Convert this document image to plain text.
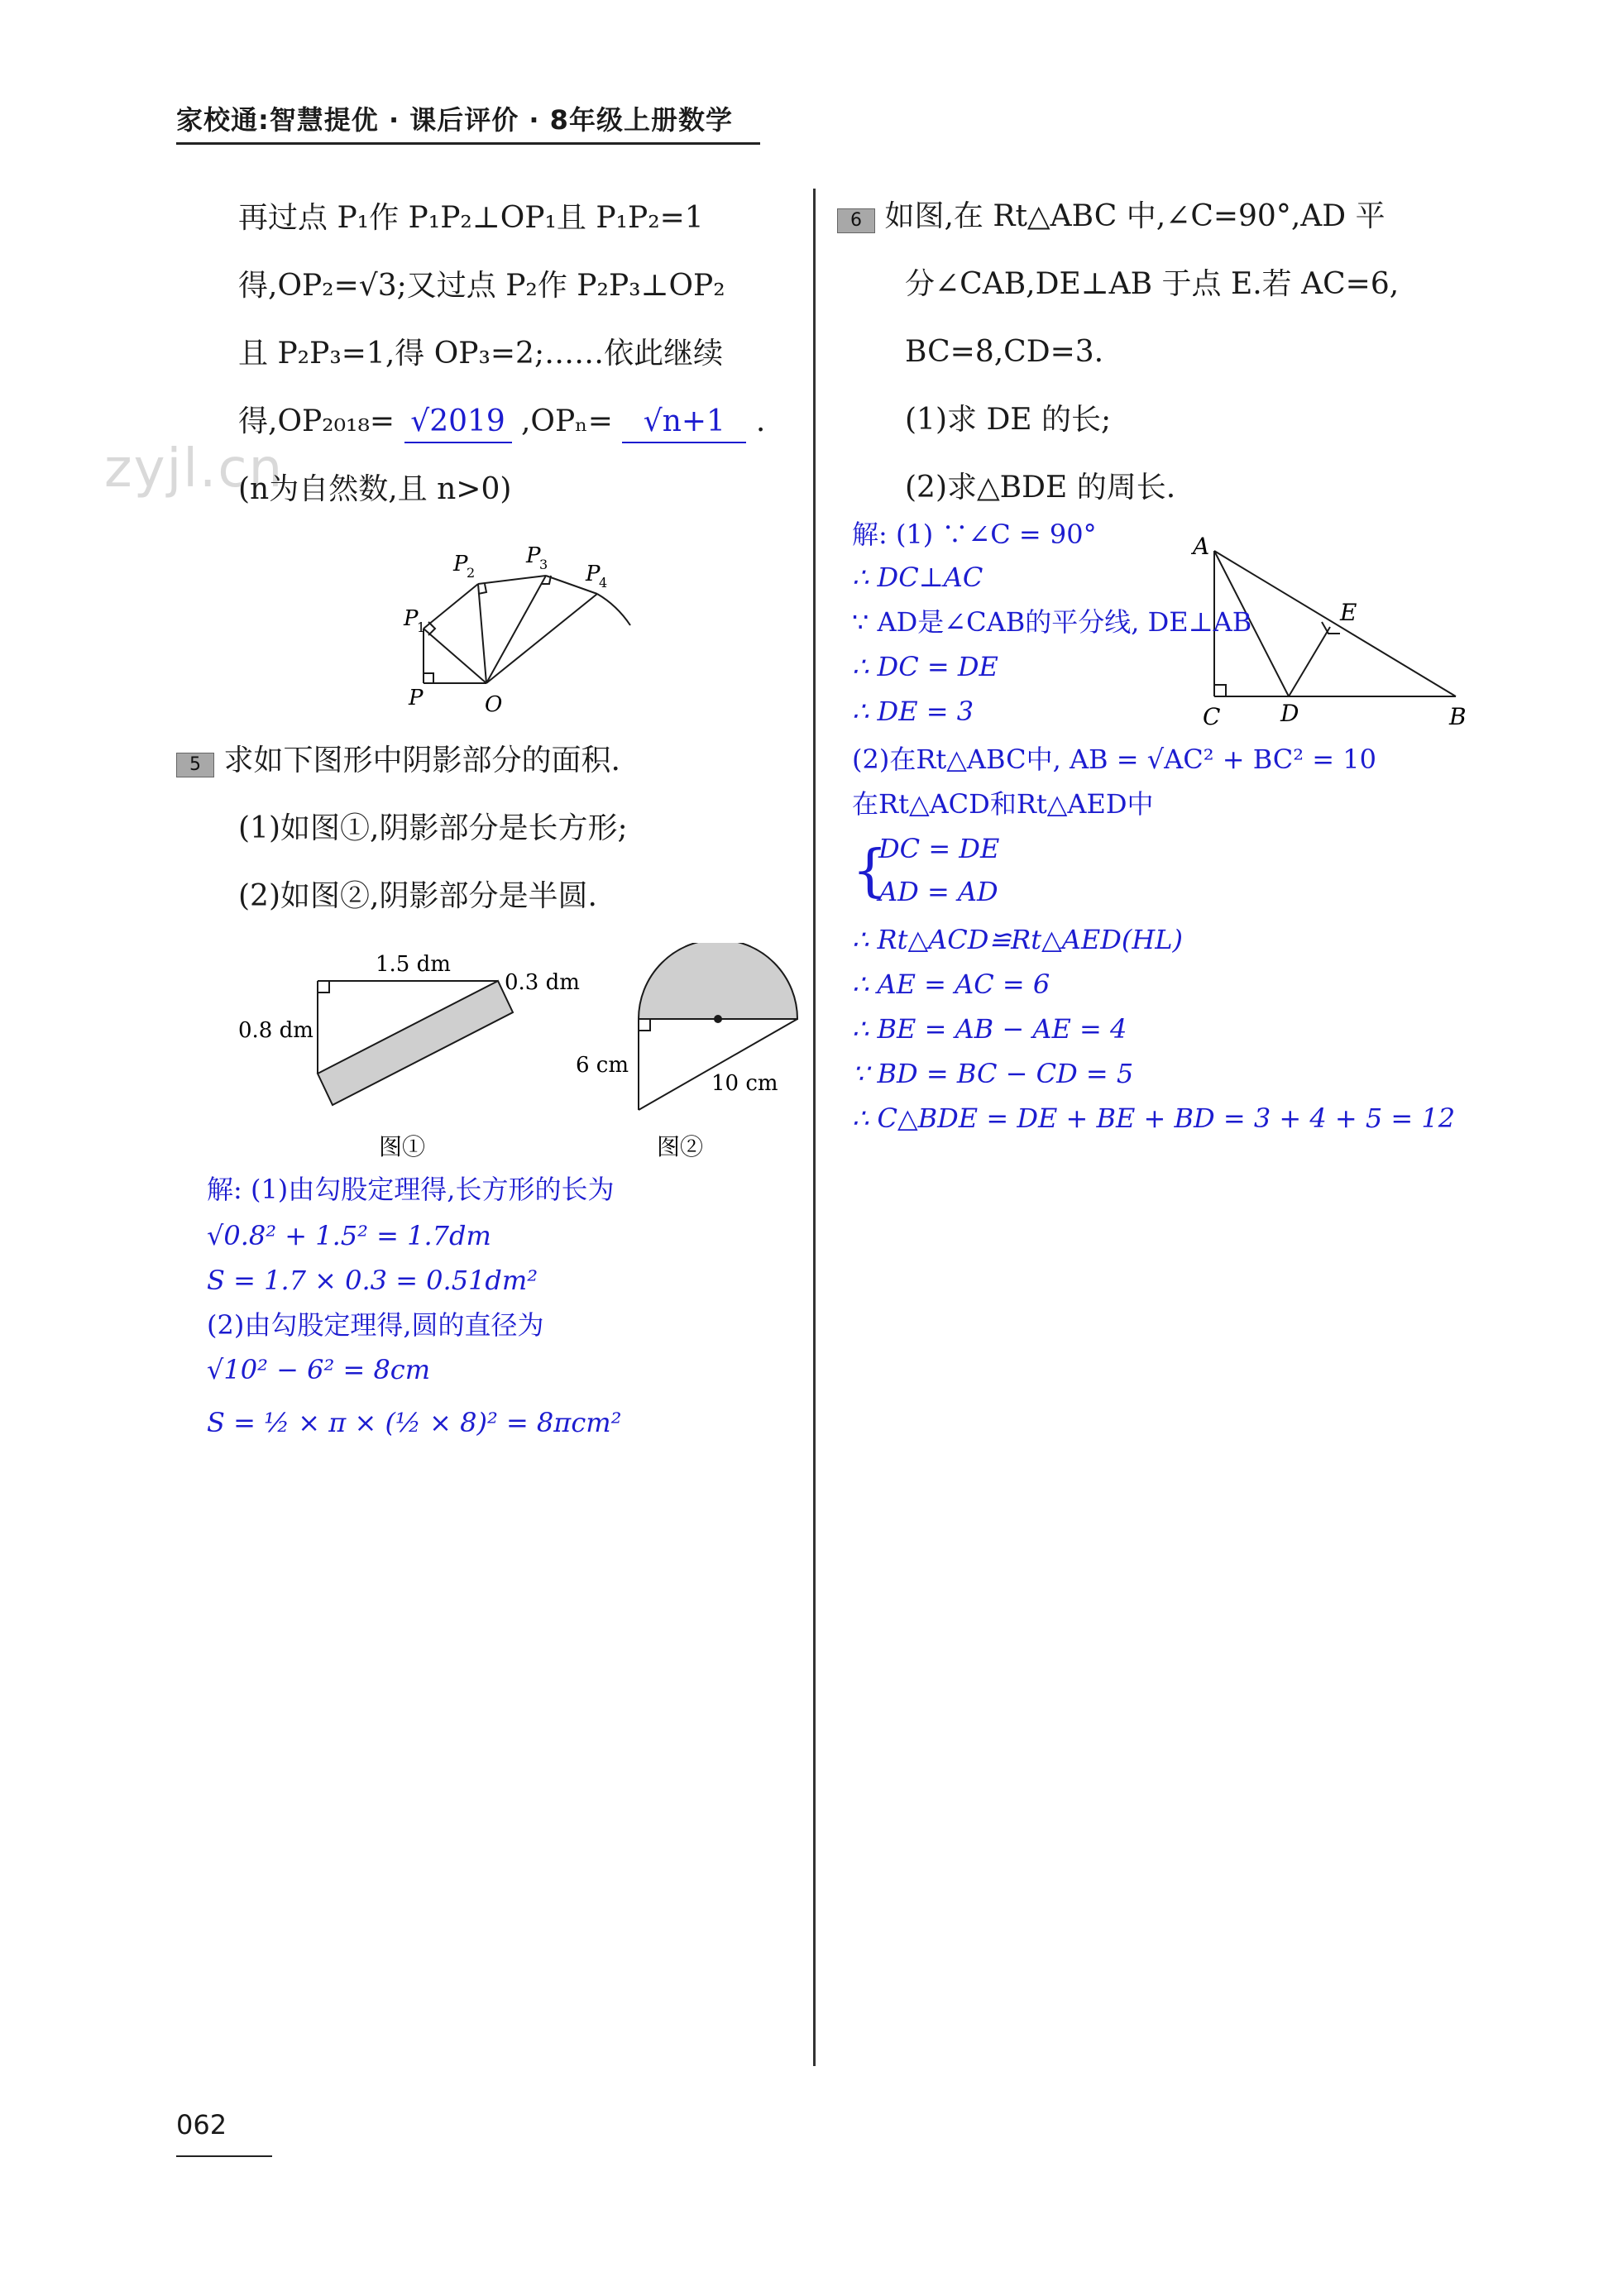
家校通:智慧提优 · 课后评价 · 8年级上册数学
zyjl.cn
再过点 P₁作 P₁P₂⊥OP₁且 P₁P₂=1
得,OP₂=√3;又过点 P₂作 P₂P₃⊥OP₂
且 P₂P₃=1,得 OP₃=2;……依此继续
得,OP₂₀₁₈= √2019 ,OPₙ= √n+1 .
(n为自然数,且 n>0)
P	O
P
1
P
2
P
3 P
4
5 求如下图形中阴影部分的面积.
(1)如图①,阴影部分是长方形;
(2)如图②,阴影部分是半圆.
1.5 dm
0.3 dm
0.8 dm
图①
6 cm
10 cm
图②
解: (1)由勾股定理得,长方形的长为
√0.8² + 1.5² = 1.7dm
S = 1.7 × 0.3 = 0.51dm²
(2)由勾股定理得,圆的直径为
√10² − 6² = 8cm
S = ½ × π × (½ × 8)² = 8πcm²
6 如图,在 Rt△ABC 中,∠C=90°,AD 平
分∠CAB,DE⊥AB 于点 E.若 AC=6,
BC=8,CD=3.
(1)求 DE 的长;
(2)求△BDE 的周长.
A
C	D	B
E
解: (1) ∵∠C = 90°
∴ DC⊥AC
∵ AD是∠CAB的平分线, DE⊥AB
∴ DC = DE
∴ DE = 3
(2)在Rt△ABC中, AB = √AC² + BC² = 10
在Rt△ACD和Rt△AED中
{
DC = DE
AD = AD
∴ Rt△ACD≌Rt△AED(HL)
∴ AE = AC = 6
∴ BE = AB − AE = 4
∵ BD = BC − CD = 5
∴ C△BDE = DE + BE + BD = 3 + 4 + 5 = 12
062
